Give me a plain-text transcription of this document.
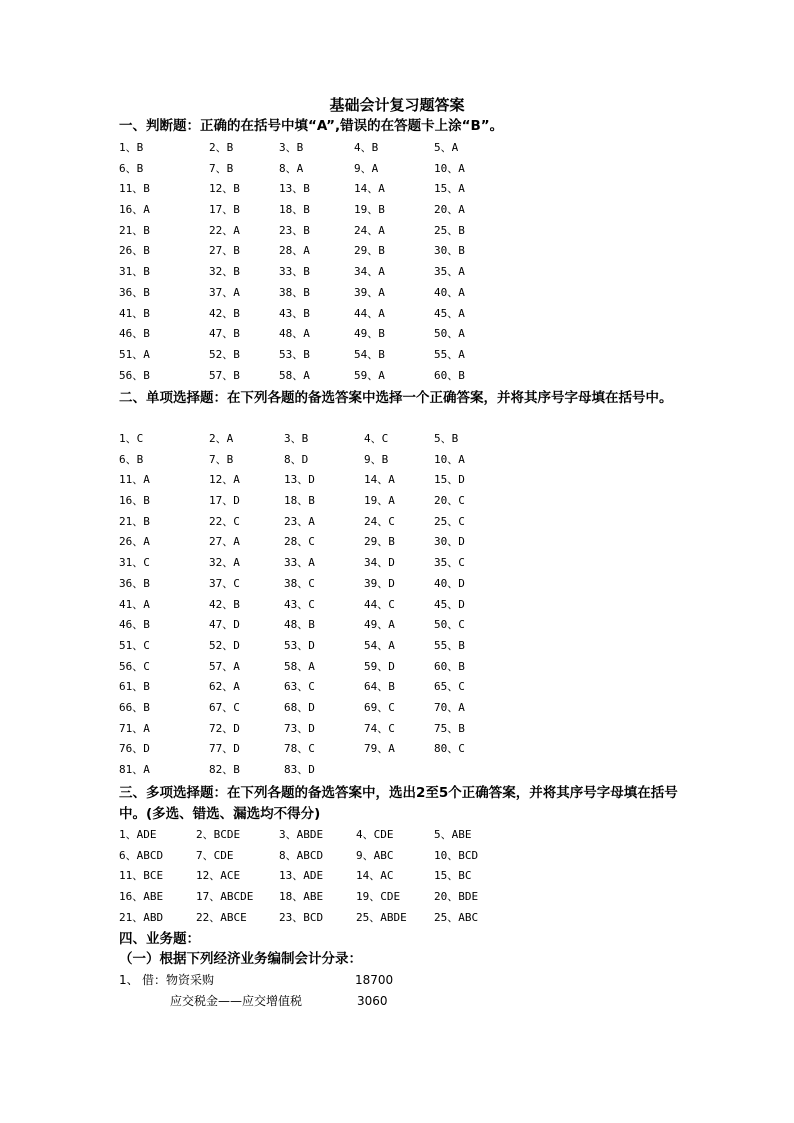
基础会计复习题答案
一、判断题：正确的在括号中填“A”,错误的在答题卡上涂“B”。
1、B	2、B	3、B	4、B	5、A
6、B	7、B	8、A	9、A	10、A
11、B	12、B	13、B	14、A	15、A
16、A	17、B	18、B	19、B	20、A
21、B	22、A	23、B	24、A	25、B
26、B	27、B	28、A	29、B	30、B
31、B	32、B	33、B	34、A	35、A
36、B	37、A	38、B	39、A	40、A
41、B	42、B	43、B	44、A	45、A
46、B	47、B	48、A	49、B	50、A
51、A	52、B	53、B	54、B	55、A
56、B	57、B	58、A	59、A	60、B
二、单项选择题：在下列各题的备选答案中选择一个正确答案，并将其序号字母填在括号中。
1、C	2、A	3、B	4、C	5、B
6、B	7、B	8、D	9、B	10、A
11、A	12、A	13、D	14、A	15、D
16、B	17、D	18、B	19、A	20、C
21、B	22、C	23、A	24、C	25、C
26、A	27、A	28、C	29、B	30、D
31、C	32、A	33、A	34、D	35、C
36、B	37、C	38、C	39、D	40、D
41、A	42、B	43、C	44、C	45、D
46、B	47、D	48、B	49、A	50、C
51、C	52、D	53、D	54、A	55、B
56、C	57、A	58、A	59、D	60、B
61、B	62、A	63、C	64、B	65、C
66、B	67、C	68、D	69、C	70、A
71、A	72、D	73、D	74、C	75、B
76、D	77、D	78、C	79、A	80、C
81、A	82、B	83、D
三、多项选择题：在下列各题的备选答案中，选出2至5个正确答案，并将其序号字母填在括号中。(多选、错选、漏选均不得分)
1、ADE	2、BCDE	3、ABDE	4、CDE	5、ABE
6、ABCD	7、CDE	8、ABCD	9、ABC	10、BCD
11、BCE	12、ACE	13、ADE	14、AC	15、BC
16、ABE	17、ABCDE 18、ABE	19、CDE	20、BDE
21、ABD	22、ABCE	23、BCD	25、ABDE 25、ABC
四、业务题：
（一）根据下列经济业务编制会计分录：
1、 借：物资采购	18700
应交税金——应交增值税	3060
